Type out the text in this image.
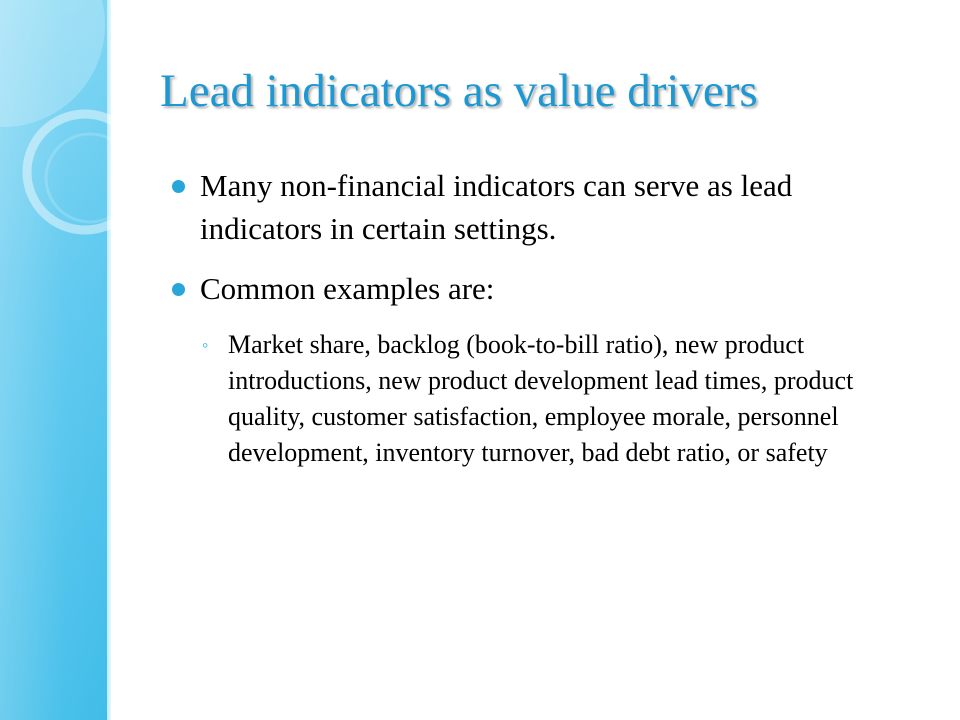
Lead indicators as value drivers
Many non-financial indicators can serve as lead indicators in certain settings.
Common examples are:
◦ Market share, backlog (book-to-bill ratio), new product introductions, new product development lead times, product quality, customer satisfaction, employee morale, personnel development, inventory turnover, bad debt ratio, or safety
